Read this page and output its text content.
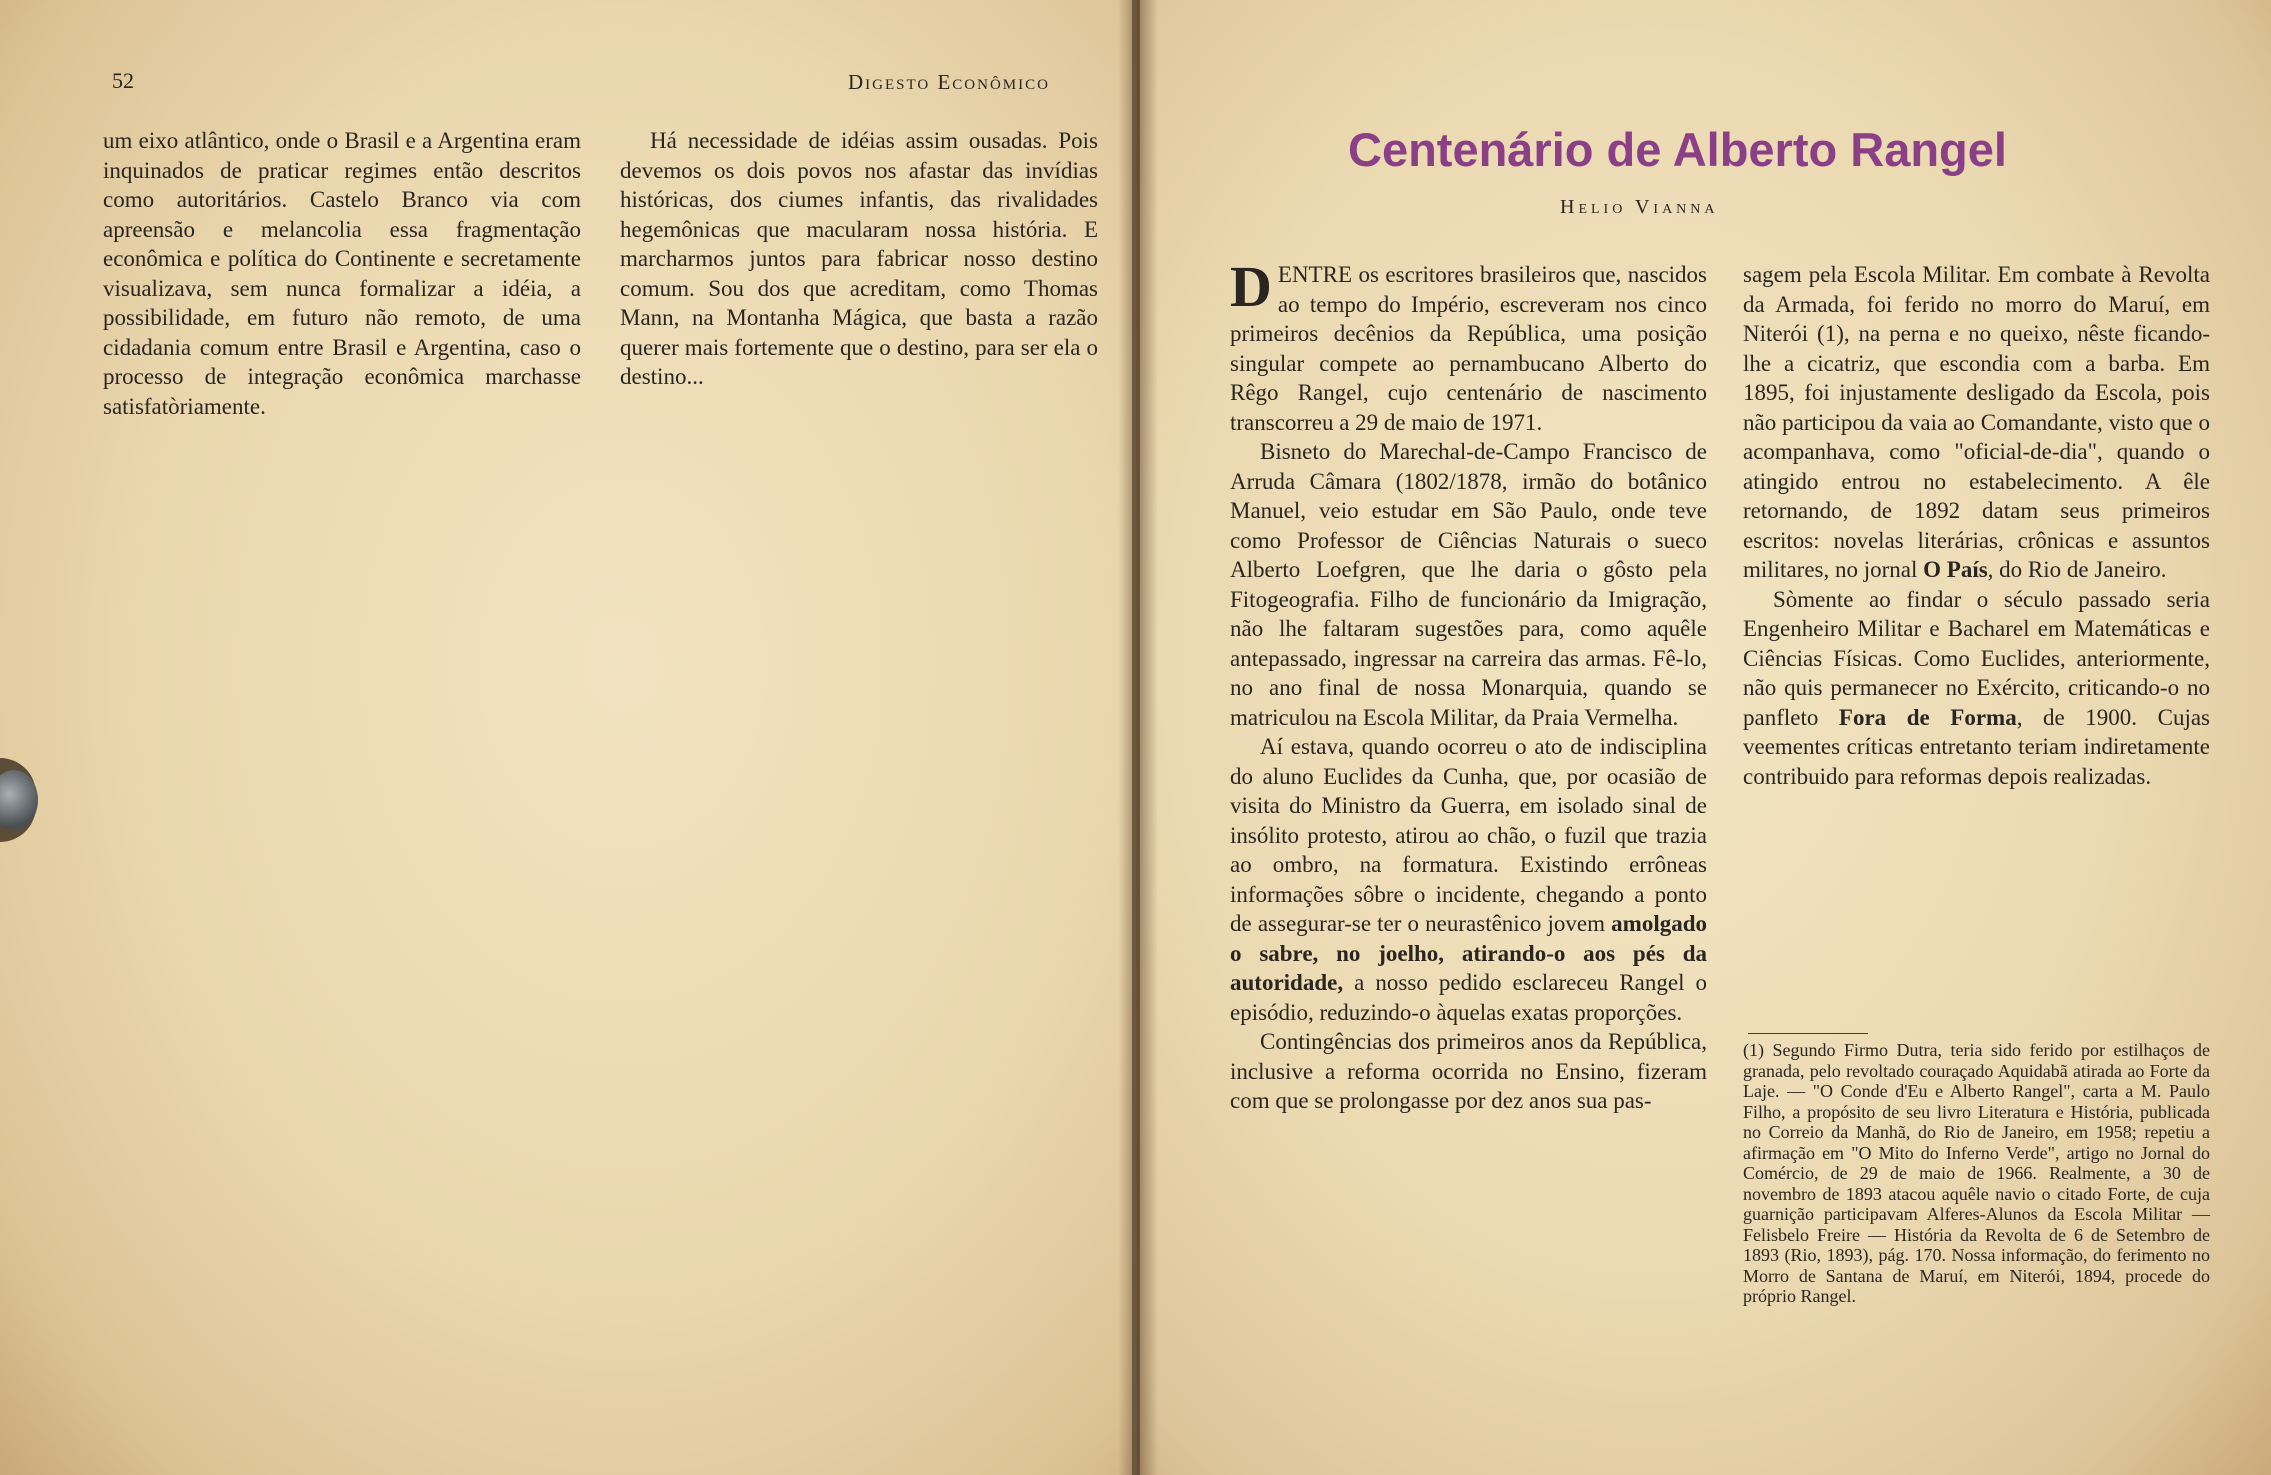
52	Digesto Econômico

um eixo atlântico, onde o Brasil e a Argentina eram inquinados de praticar regimes então descritos como autoritários. Castelo Branco via com apreensão e melancolia essa fragmentação econômica e política do Continente e secretamente visualizava, sem nunca formalizar a idéia, a possibilidade, em futuro não remoto, de uma cidadania comum entre Brasil e Argentina, caso o processo de integração econômica marchasse satisfatòriamente.

Há necessidade de idéias assim ousadas. Pois devemos os dois povos nos afastar das invídias históricas, dos ciumes infantis, das rivalidades hegemônicas que macularam nossa história. E marcharmos juntos para fabricar nosso destino comum. Sou dos que acreditam, como Thomas Mann, na Montanha Mágica, que basta a razão querer mais fortemente que o destino, para ser ela o destino...

Centenário de Alberto Rangel
Helio Vianna

DENTRE os escritores brasileiros que, nascidos ao tempo do Império, escreveram nos cinco primeiros decênios da República, uma posição singular compete ao pernambucano Alberto do Rêgo Rangel, cujo centenário de nascimento transcorreu a 29 de maio de 1971.

Bisneto do Marechal-de-Campo Francisco de Arruda Câmara (1802/1878, irmão do botânico Manuel, veio estudar em São Paulo, onde teve como Professor de Ciências Naturais o sueco Alberto Loefgren, que lhe daria o gôsto pela Fitogeografia. Filho de funcionário da Imigração, não lhe faltaram sugestões para, como aquêle antepassado, ingressar na carreira das armas. Fê-lo, no ano final de nossa Monarquia, quando se matriculou na Escola Militar, da Praia Vermelha.

Aí estava, quando ocorreu o ato de indisciplina do aluno Euclides da Cunha, que, por ocasião de visita do Ministro da Guerra, em isolado sinal de insólito protesto, atirou ao chão, o fuzil que trazia ao ombro, na formatura. Existindo errôneas informações sôbre o incidente, chegando a ponto de assegurar-se ter o neurastênico jovem amolgado o sabre, no joelho, atirando-o aos pés da autoridade, a nosso pedido esclareceu Rangel o episódio, reduzindo-o àquelas exatas proporções.

Contingências dos primeiros anos da República, inclusive a reforma ocorrida no Ensino, fizeram com que se prolongasse por dez anos sua pas-

sagem pela Escola Militar. Em combate à Revolta da Armada, foi ferido no morro do Maruí, em Niterói (1), na perna e no queixo, nêste ficando-lhe a cicatriz, que escondia com a barba. Em 1895, foi injustamente desligado da Escola, pois não participou da vaia ao Comandante, visto que o acompanhava, como "oficial-de-dia", quando o atingido entrou no estabelecimento. A êle retornando, de 1892 datam seus primeiros escritos: novelas literárias, crônicas e assuntos militares, no jornal O País, do Rio de Janeiro.

Sòmente ao findar o século passado seria Engenheiro Militar e Bacharel em Matemáticas e Ciências Físicas. Como Euclides, anteriormente, não quis permanecer no Exército, criticando-o no panfleto Fora de Forma, de 1900. Cujas veementes críticas entretanto teriam indiretamente contribuido para reformas depois realizadas.

(1) Segundo Firmo Dutra, teria sido ferido por estilhaços de granada, pelo revoltado couraçado Aquidabã atirada ao Forte da Laje. — "O Conde d'Eu e Alberto Rangel", carta a M. Paulo Filho, a propósito de seu livro Literatura e História, publicada no Correio da Manhã, do Rio de Janeiro, em 1958; repetiu a afirmação em "O Mito do Inferno Verde", artigo no Jornal do Comércio, de 29 de maio de 1966. Realmente, a 30 de novembro de 1893 atacou aquêle navio o citado Forte, de cuja guarnição participavam Alferes-Alunos da Escola Militar — Felisbelo Freire — História da Revolta de 6 de Setembro de 1893 (Rio, 1893), pág. 170. Nossa informação, do ferimento no Morro de Santana de Maruí, em Niterói, 1894, procede do próprio Rangel.
